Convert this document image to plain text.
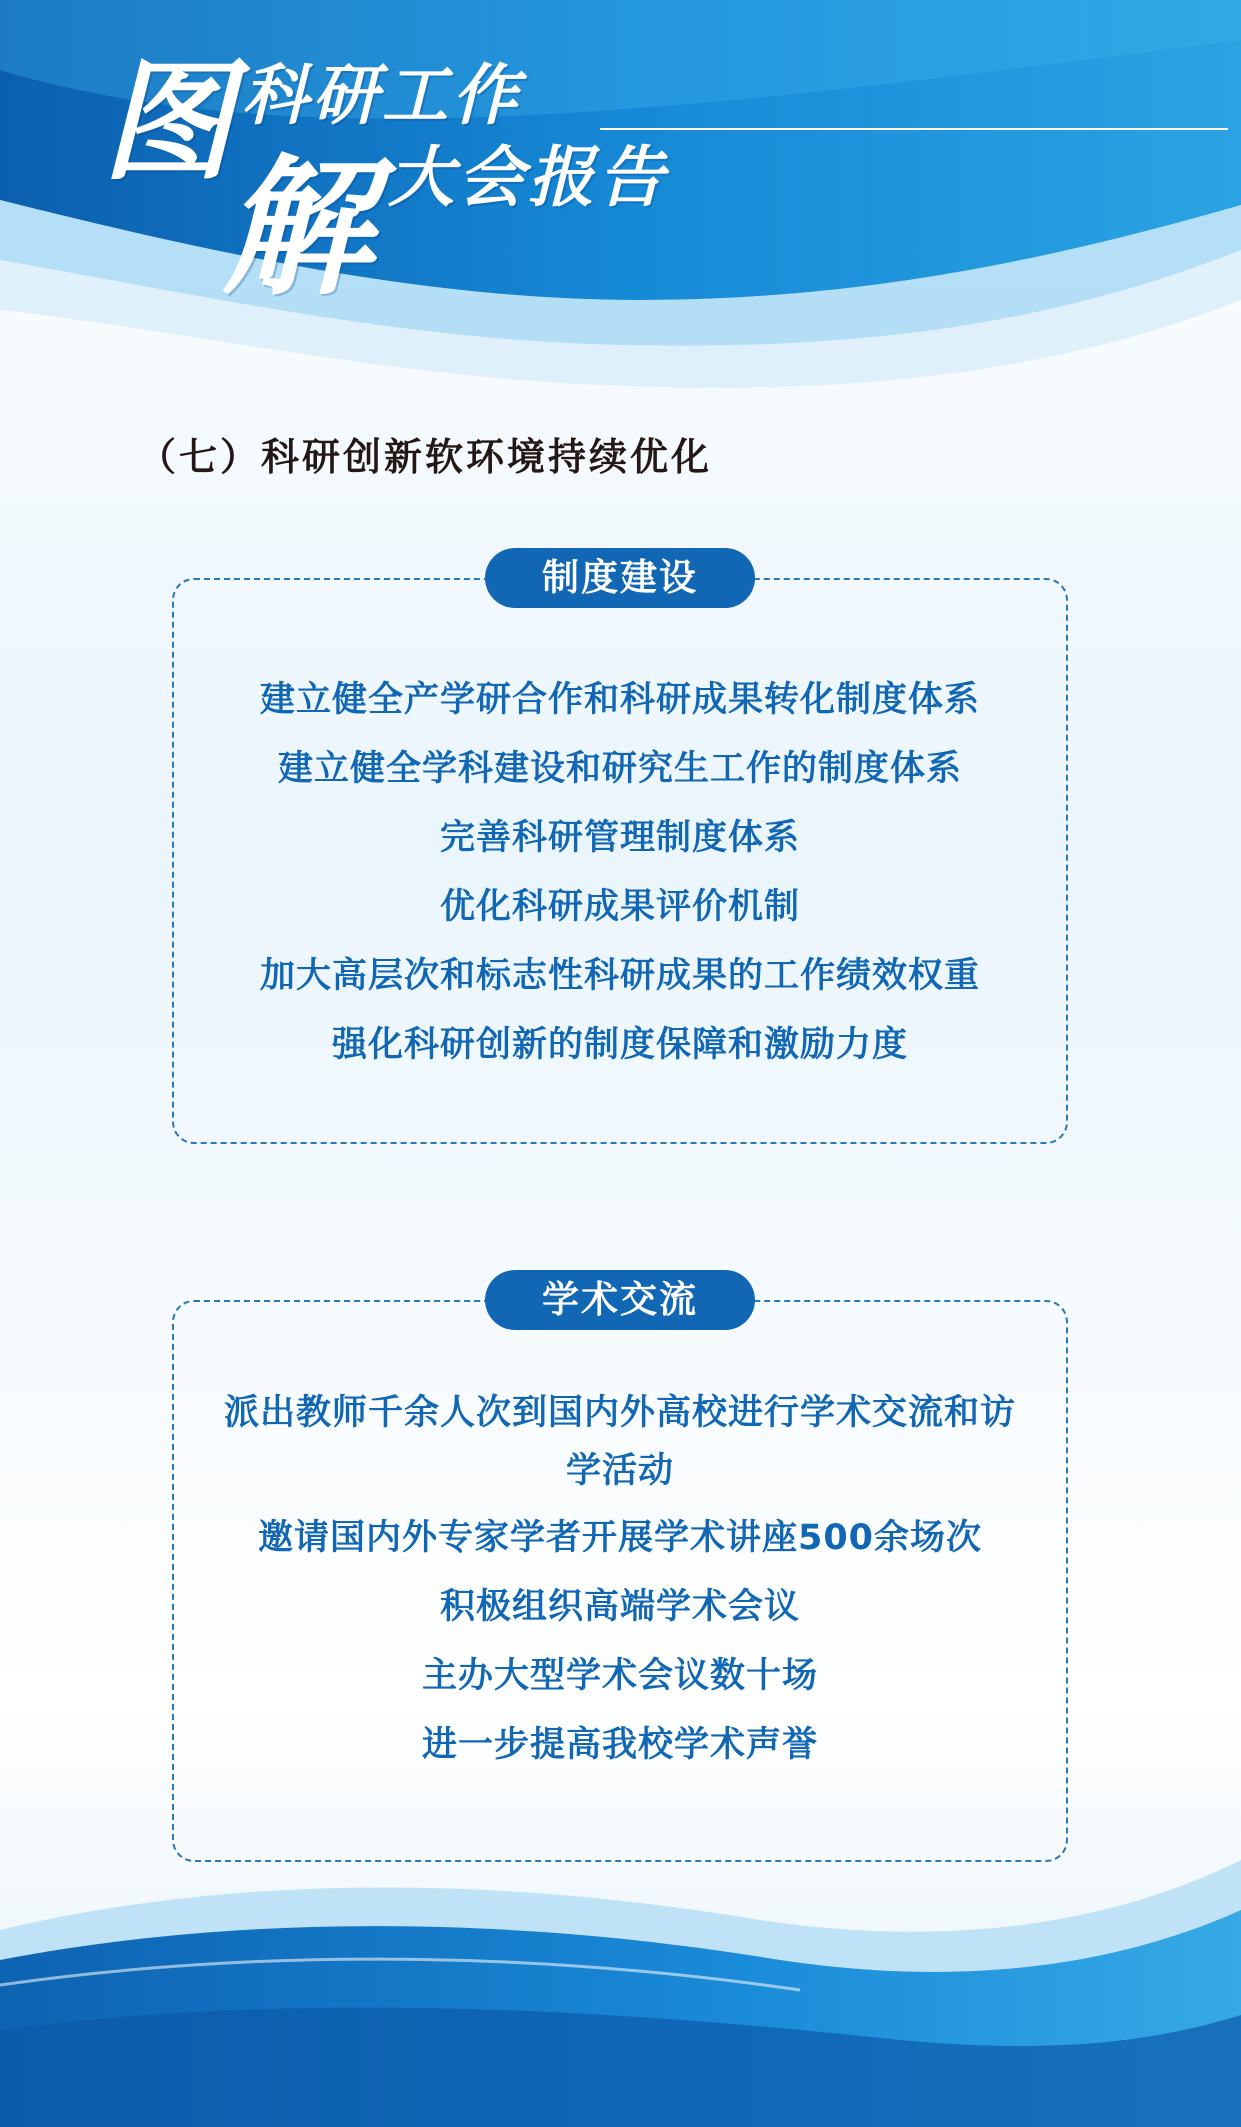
图
解
科研工作
大会报告
（七）科研创新软环境持续优化
制度建设
建立健全产学研合作和科研成果转化制度体系
建立健全学科建设和研究生工作的制度体系
完善科研管理制度体系
优化科研成果评价机制
加大高层次和标志性科研成果的工作绩效权重
强化科研创新的制度保障和激励力度
学术交流
派出教师千余人次到国内外高校进行学术交流和访学活动
邀请国内外专家学者开展学术讲座500余场次
积极组织高端学术会议
主办大型学术会议数十场
进一步提高我校学术声誉
